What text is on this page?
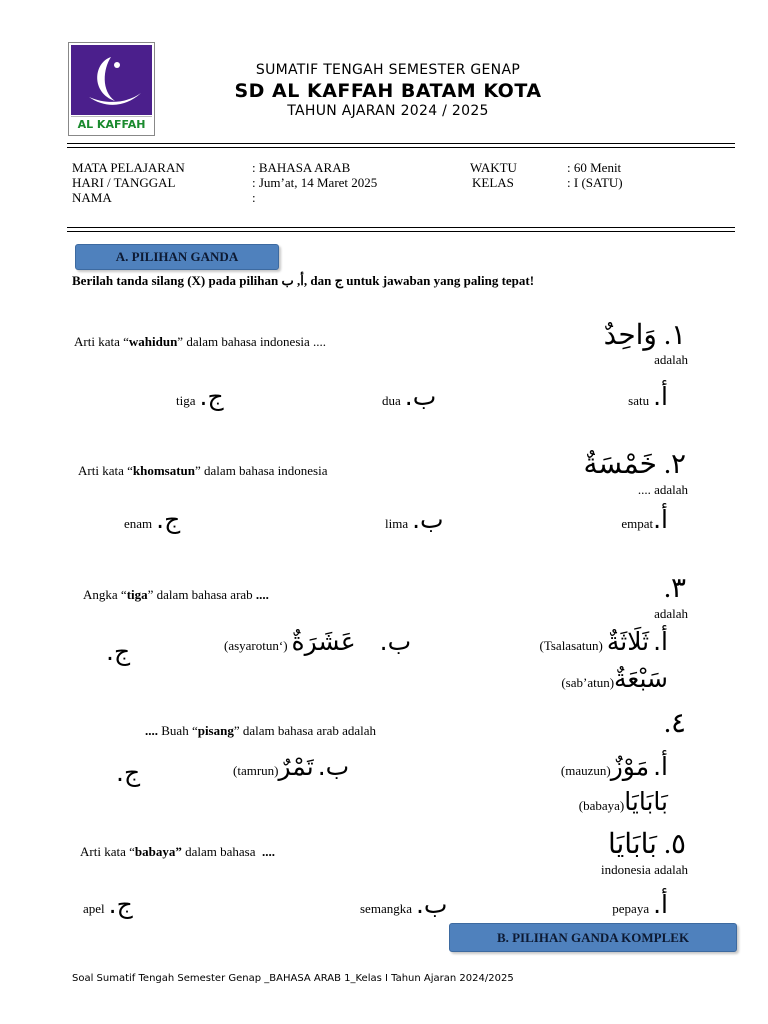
AL KAFFAH
SUMATIF TENGAH SEMESTER GENAP
SD AL KAFFAH BATAM KOTA
TAHUN AJARAN 2024 / 2025
MATA PELAJARAN	: BAHASA ARAB
HARI / TANGGAL	: Jum’at, 14 Maret 2025
NAMA	:
WAKTU	: 60 Menit
KELAS	: I (SATU)
A. PILIHAN GANDA
Berilah tanda silang (X) pada pilihan أ, ب, dan ج untuk jawaban yang paling tepat!
Arti kata “wahidun” dalam bahasa indonesia ....	١. وَاحِدٌ
adalah
satu أ.
dua ب.
tiga ج.
Arti kata “khomsatun” dalam bahasa indonesia	٢. خَمْسَةٌ
.... adalah
empatأ.
lima ب.
enam ج.
Angka “tiga” dalam bahasa arab ....	٣.
adalah
(Tsalasatun) ثَلَاثَةٌ أ.
(asyarotun‘) عَشَرَةٌ ب.
ج.
(sab’atun)سَبْعَةٌ
.... Buah “pisang” dalam bahasa arab adalah	٤.
(mauzun)مَوْزٌ أ.
(tamrun)تَمْرٌ ب.
ج.
(babaya)بَابَايَا
Arti kata “babaya” dalam bahasa ....	٥. بَابَايَا
indonesia adalah
pepaya أ.
semangka ب.
apel ج.
B. PILIHAN GANDA KOMPLEK
Soal Sumatif Tengah Semester Genap _BAHASA ARAB 1_Kelas I Tahun Ajaran 2024/2025
